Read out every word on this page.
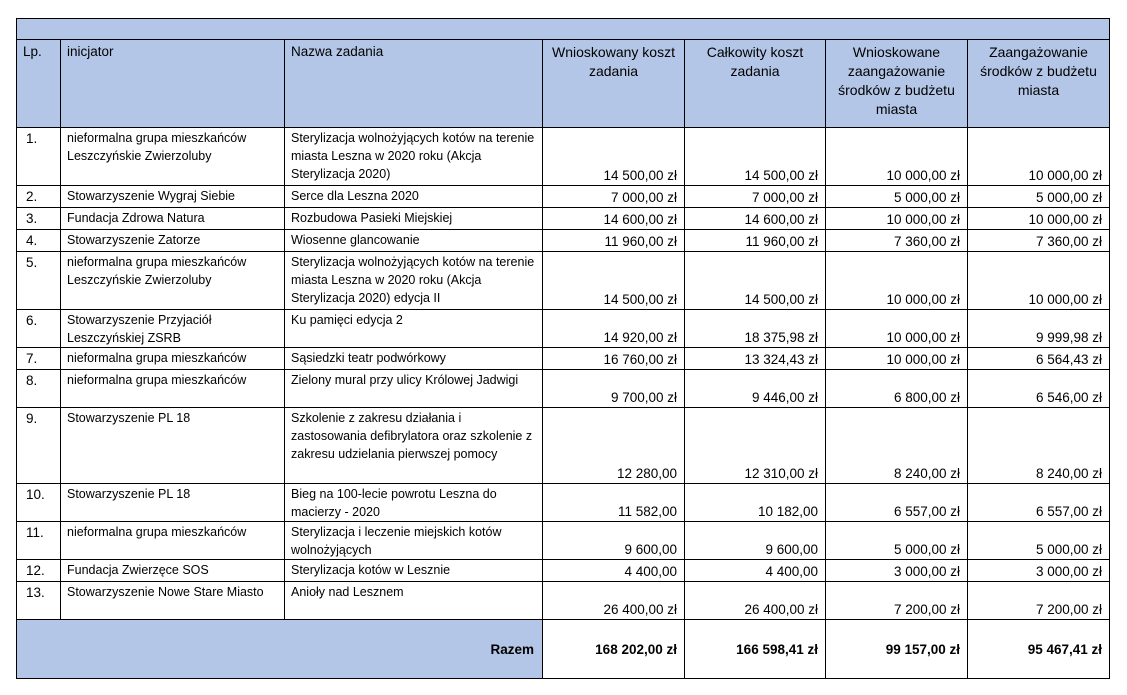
Lp.	inicjator	Nazwa zadania	Wnioskowany koszt zadania	Całkowity koszt zadania	Wnioskowane zaangażowanie środków z budżetu miasta	Zaangażowanie środków z budżetu miasta
1.	nieformalna grupa mieszkańców Leszczyńskie Zwierzoluby	Sterylizacja wolnożyjących kotów na terenie miasta Leszna w 2020 roku (Akcja Sterylizacja 2020)	14 500,00 zł	14 500,00 zł	10 000,00 zł	10 000,00 zł
2.	Stowarzyszenie Wygraj Siebie	Serce dla Leszna 2020	7 000,00 zł	7 000,00 zł	5 000,00 zł	5 000,00 zł
3.	Fundacja Zdrowa Natura	Rozbudowa Pasieki Miejskiej	14 600,00 zł	14 600,00 zł	10 000,00 zł	10 000,00 zł
4.	Stowarzyszenie Zatorze	Wiosenne glancowanie	11 960,00 zł	11 960,00 zł	7 360,00 zł	7 360,00 zł
5.	nieformalna grupa mieszkańców Leszczyńskie Zwierzoluby	Sterylizacja wolnożyjących kotów na terenie miasta Leszna w 2020 roku (Akcja Sterylizacja 2020) edycja II	14 500,00 zł	14 500,00 zł	10 000,00 zł	10 000,00 zł
6.	Stowarzyszenie Przyjaciół Leszczyńskiej ZSRB	Ku pamięci edycja 2	14 920,00 zł	18 375,98 zł	10 000,00 zł	9 999,98 zł
7.	nieformalna grupa mieszkańców	Sąsiedzki teatr podwórkowy	16 760,00 zł	13 324,43 zł	10 000,00 zł	6 564,43 zł
8.	nieformalna grupa mieszkańców	Zielony mural przy ulicy Królowej Jadwigi	9 700,00 zł	9 446,00 zł	6 800,00 zł	6 546,00 zł
9.	Stowarzyszenie PL 18	Szkolenie z zakresu działania i zastosowania defibrylatora oraz szkolenie z zakresu udzielania pierwszej pomocy	12 280,00	12 310,00 zł	8 240,00 zł	8 240,00 zł
10.	Stowarzyszenie PL 18	Bieg na 100-lecie powrotu Leszna do macierzy - 2020	11 582,00	10 182,00	6 557,00 zł	6 557,00 zł
11.	nieformalna grupa mieszkańców	Sterylizacja i leczenie miejskich kotów wolnożyjących	9 600,00	9 600,00	5 000,00 zł	5 000,00 zł
12.	Fundacja Zwierzęce SOS	Sterylizacja kotów w Lesznie	4 400,00	4 400,00	3 000,00 zł	3 000,00 zł
13.	Stowarzyszenie Nowe Stare Miasto	Anioły nad Lesznem	26 400,00 zł	26 400,00 zł	7 200,00 zł	7 200,00 zł
Razem			168 202,00 zł	166 598,41 zł	99 157,00 zł	95 467,41 zł
